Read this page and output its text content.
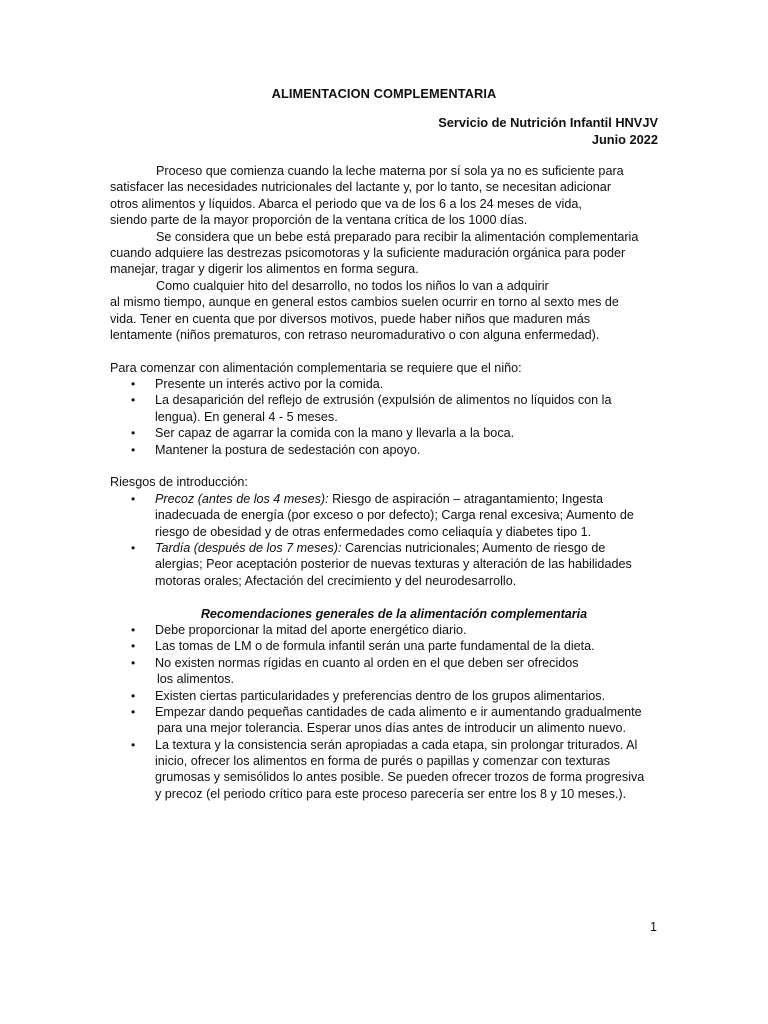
ALIMENTACION COMPLEMENTARIA
Servicio de Nutrición Infantil HNVJV
Junio 2022
Proceso que comienza cuando la leche materna por sí sola ya no es suficiente para
satisfacer las necesidades nutricionales del lactante y, por lo tanto, se necesitan adicionar
otros alimentos y líquidos. Abarca el periodo que va de los 6 a los 24 meses de vida,
siendo parte de la mayor proporción de la ventana crítica de los 1000 días.
Se considera que un bebe está preparado para recibir la alimentación complementaria
cuando adquiere las destrezas psicomotoras y la suficiente maduración orgánica para poder
manejar, tragar y digerir los alimentos en forma segura.
Como cualquier hito del desarrollo, no todos los niños lo van a adquirir
al mismo tiempo, aunque en general estos cambios suelen ocurrir en torno al sexto mes de
vida. Tener en cuenta que por diversos motivos, puede haber niños que maduren más
lentamente (niños prematuros, con retraso neuromadurativo o con alguna enfermedad).
Para comenzar con alimentación complementaria se requiere que el niño:
• Presente un interés activo por la comida.
• La desaparición del reflejo de extrusión (expulsión de alimentos no líquidos con la
lengua). En general 4 - 5 meses.
• Ser capaz de agarrar la comida con la mano y llevarla a la boca.
• Mantener la postura de sedestación con apoyo.
Riesgos de introducción:
• Precoz (antes de los 4 meses): Riesgo de aspiración – atragantamiento; Ingesta
inadecuada de energía (por exceso o por defecto); Carga renal excesiva; Aumento de
riesgo de obesidad y de otras enfermedades como celiaquía y diabetes tipo 1.
• Tardía (después de los 7 meses): Carencias nutricionales; Aumento de riesgo de
alergias; Peor aceptación posterior de nuevas texturas y alteración de las habilidades
motoras orales; Afectación del crecimiento y del neurodesarrollo.
Recomendaciones generales de la alimentación complementaria
• Debe proporcionar la mitad del aporte energético diario.
• Las tomas de LM o de formula infantil serán una parte fundamental de la dieta.
• No existen normas rígidas en cuanto al orden en el que deben ser ofrecidos
los alimentos.
• Existen ciertas particularidades y preferencias dentro de los grupos alimentarios.
• Empezar dando pequeñas cantidades de cada alimento e ir aumentando gradualmente
para una mejor tolerancia. Esperar unos días antes de introducir un alimento nuevo.
• La textura y la consistencia serán apropiadas a cada etapa, sin prolongar triturados. Al
inicio, ofrecer los alimentos en forma de purés o papillas y comenzar con texturas
grumosas y semisólidos lo antes posible. Se pueden ofrecer trozos de forma progresiva
y precoz (el periodo crítico para este proceso parecería ser entre los 8 y 10 meses.).
1
